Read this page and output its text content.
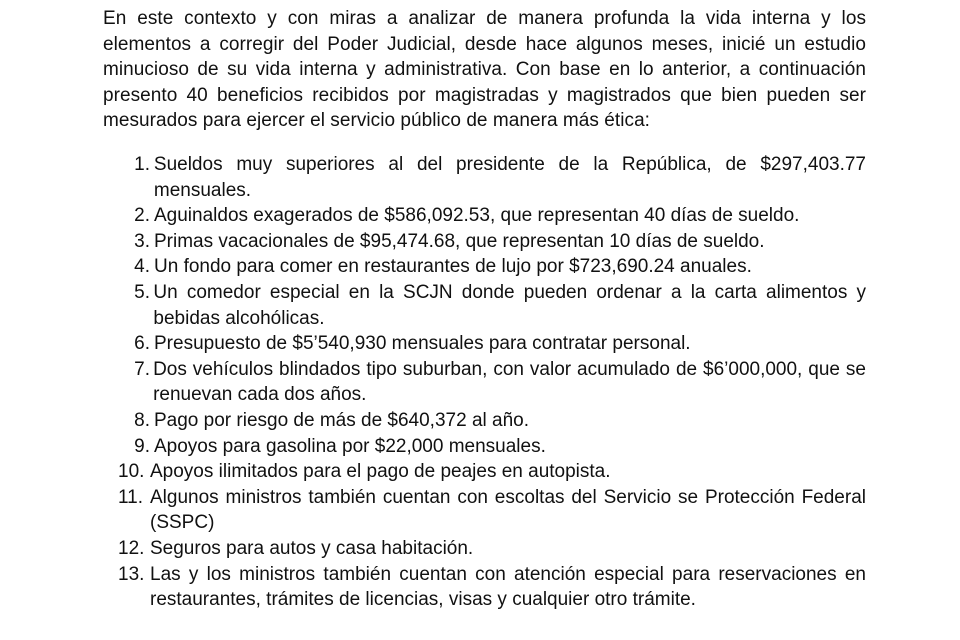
En este contexto y con miras a analizar de manera profunda la vida interna y los elementos a corregir del Poder Judicial, desde hace algunos meses, inicié un estudio minucioso de su vida interna y administrativa. Con base en lo anterior, a continuación presento 40 beneficios recibidos por magistradas y magistrados que bien pueden ser mesurados para ejercer el servicio público de manera más ética:

1. Sueldos muy superiores al del presidente de la República, de $297,403.77 mensuales.
2. Aguinaldos exagerados de $586,092.53, que representan 40 días de sueldo.
3. Primas vacacionales de $95,474.68, que representan 10 días de sueldo.
4. Un fondo para comer en restaurantes de lujo por $723,690.24 anuales.
5. Un comedor especial en la SCJN donde pueden ordenar a la carta alimentos y bebidas alcohólicas.
6. Presupuesto de $5’540,930 mensuales para contratar personal.
7. Dos vehículos blindados tipo suburban, con valor acumulado de $6’000,000, que se renuevan cada dos años.
8. Pago por riesgo de más de $640,372 al año.
9. Apoyos para gasolina por $22,000 mensuales.
10. Apoyos ilimitados para el pago de peajes en autopista.
11. Algunos ministros también cuentan con escoltas del Servicio se Protección Federal (SSPC)
12. Seguros para autos y casa habitación.
13. Las y los ministros también cuentan con atención especial para reservaciones en restaurantes, trámites de licencias, visas y cualquier otro trámite.
